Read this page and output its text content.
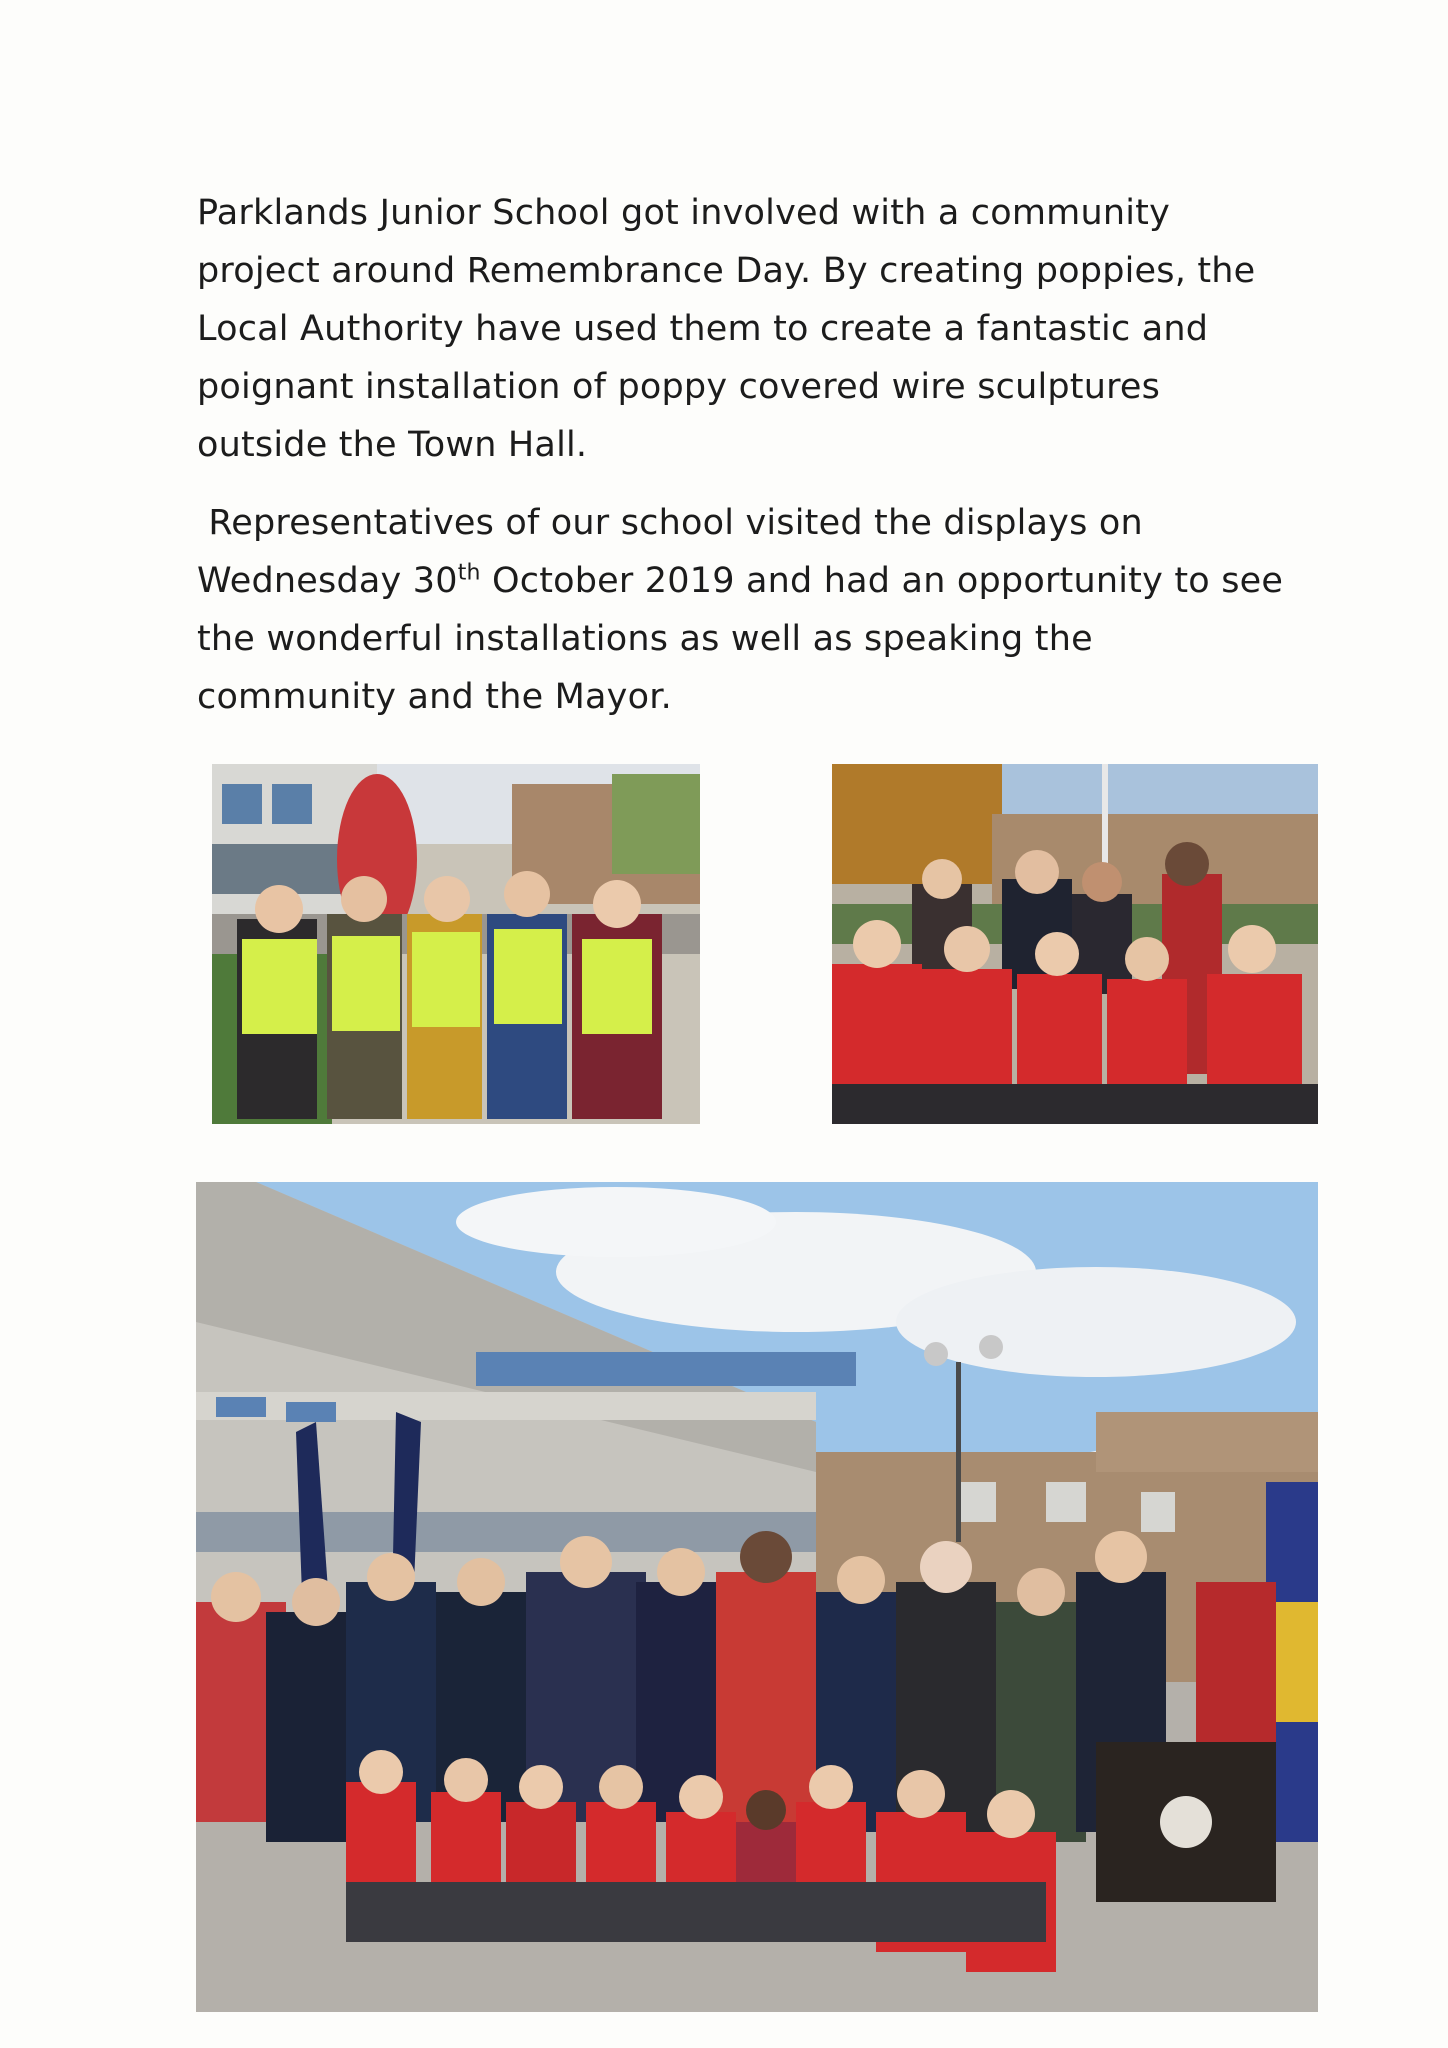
Parklands Junior School got involved with a community
project around Remembrance Day. By creating poppies, the
Local Authority have used them to create a fantastic and
poignant installation of poppy covered wire sculptures
outside the Town Hall.
Representatives of our school visited the displays on
Wednesday 30th October 2019 and had an opportunity to see
the wonderful installations as well as speaking the
community and the Mayor.
